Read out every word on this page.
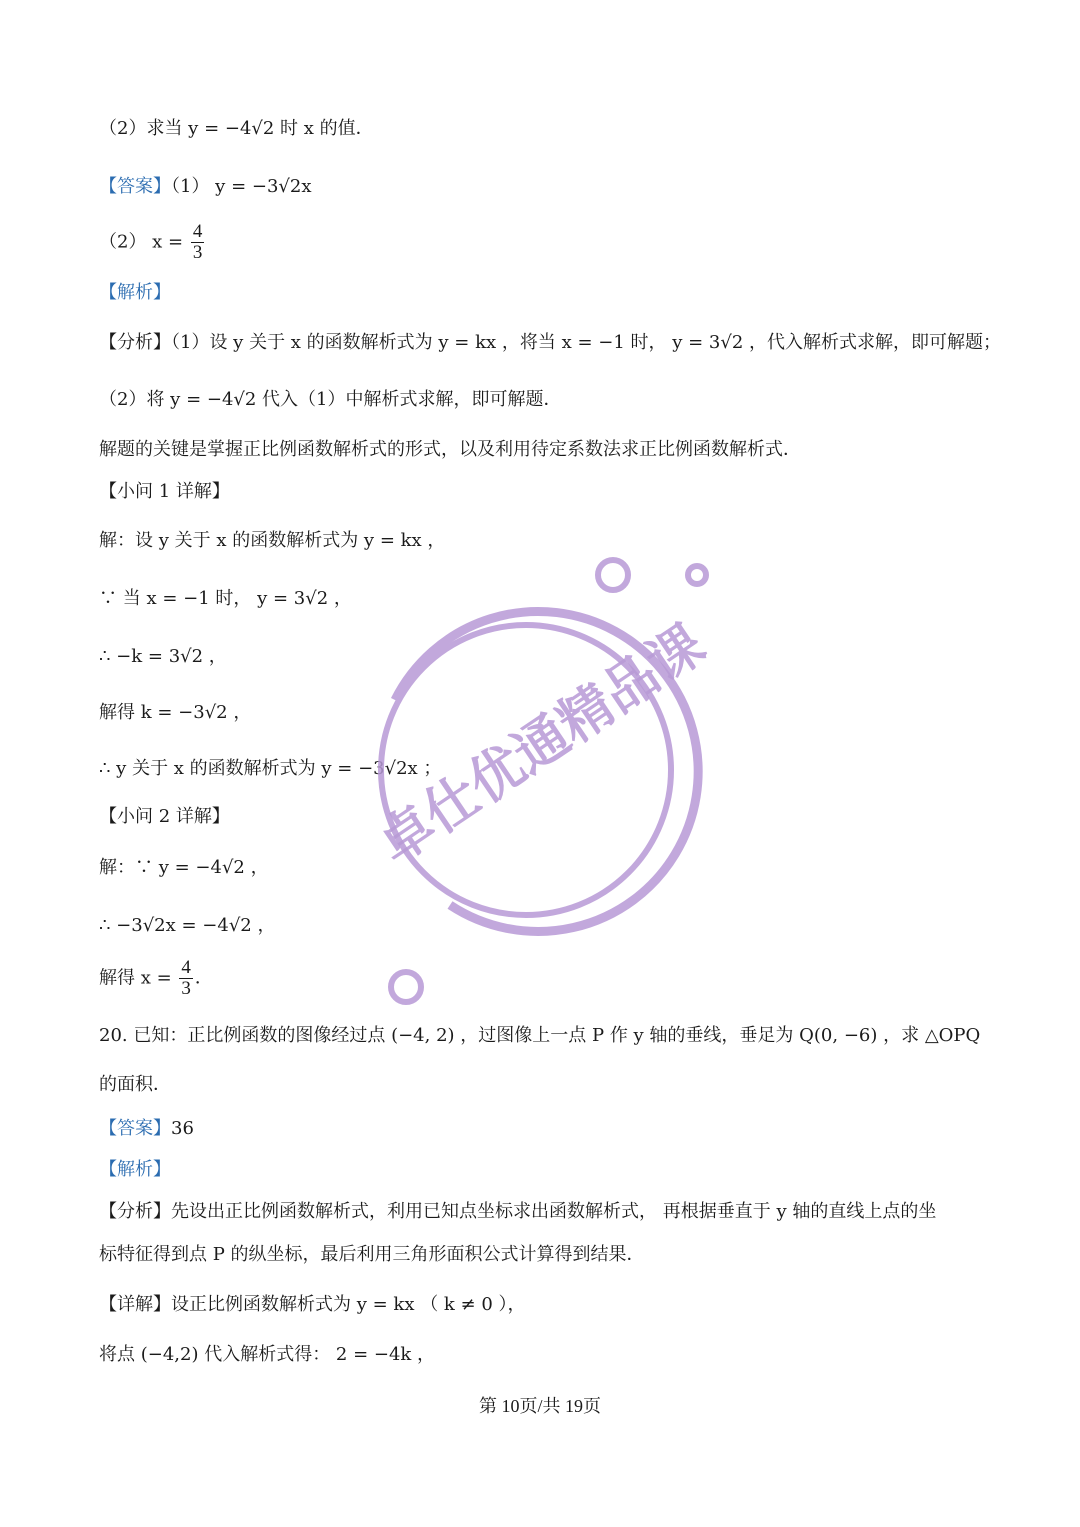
（2）求当 y = −4√2 时 x 的值．
【答案】（1） y = −3√2x
（2） $x = \frac{4}{3}$
【解析】
【分析】（1）设 y 关于 x 的函数解析式为 y = kx ，将当 x = −1 时， y = 3√2 ，代入解析式求解，即可解题；
（2）将 y = −4√2 代入（1）中解析式求解，即可解题．
解题的关键是掌握正比例函数解析式的形式，以及利用待定系数法求正比例函数解析式．
【小问 1 详解】
解：设 y 关于 x 的函数解析式为 y = kx ，
∵ 当 x = −1 时， y = 3√2 ，
∴ −k = 3√2 ，
解得 k = −3√2 ，
∴ y 关于 x 的函数解析式为 y = −3√2x ；
【小问 2 详解】
解：∵ y = −4√2 ，
∴ −3√2x = −4√2 ，
解得 $x = \frac{4}{3}$ ．
20. 已知：正比例函数的图像经过点 (−4, 2) ，过图像上一点 P 作 y 轴的垂线，垂足为 Q(0, −6) ，求 △OPQ
的面积．
【答案】36
【解析】
【分析】先设出正比例函数解析式，利用已知点坐标求出函数解析式， 再根据垂直于 y 轴的直线上点的坐
标特征得到点 P 的纵坐标，最后利用三角形面积公式计算得到结果．
【详解】设正比例函数解析式为 y = kx （ k ≠ 0 ），
将点 (−4,2) 代入解析式得： 2 = −4k ，
第 10页/共 19页
卓仕优通精品课
